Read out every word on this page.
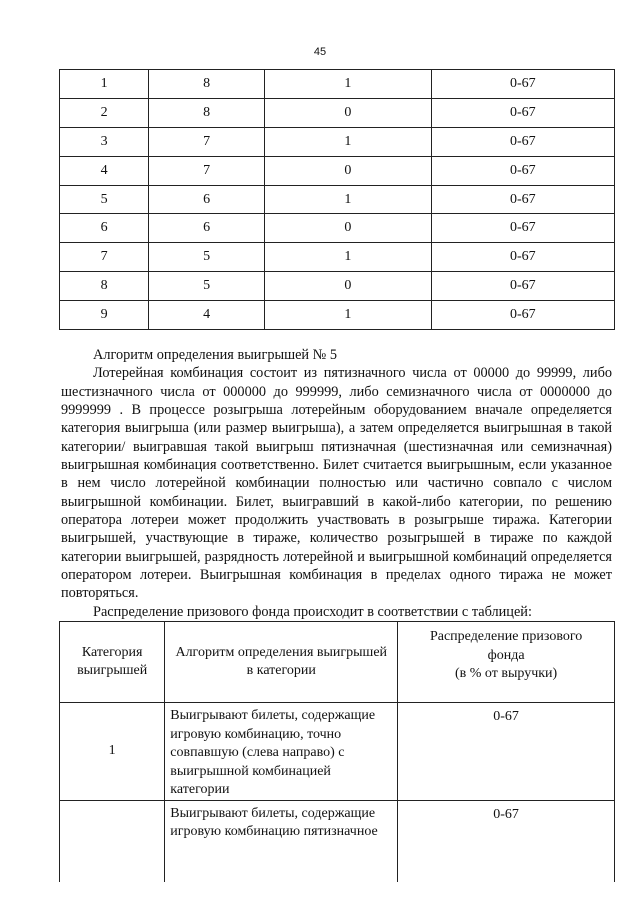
45
1	8	1	0-67
2	8	0	0-67
3	7	1	0-67
4	7	0	0-67
5	6	1	0-67
6	6	0	0-67
7	5	1	0-67
8	5	0	0-67
9	4	1	0-67

Алгоритм определения выигрышей № 5

Лотерейная комбинация состоит из пятизначного числа от 00000 до 99999, либо шестизначного числа от 000000 до 999999, либо семизначного числа от 0000000 до 9999999 . В процессе розыгрыша лотерейным оборудованием вначале определяется категория выигрыша (или размер выигрыша), а затем определяется выигрышная в такой категории/ выигравшая такой выигрыш пятизначная (шестизначная или семизначная) выигрышная комбинация соответственно. Билет считается выигрышным, если указанное в нем число лотерейной комбинации полностью или частично совпало с числом выигрышной комбинации. Билет, выигравший в какой-либо категории, по решению оператора лотереи может продолжить участвовать в розыгрыше тиража. Категории выигрышей, участвующие в тираже, количество розыгрышей в тираже по каждой категории выигрышей, разрядность лотерейной и выигрышной комбинаций определяется оператором лотереи. Выигрышная комбинация в пределах одного тиража не может повторяться.

Распределение призового фонда происходит в соответствии с таблицей:

Категория выигрышей	Алгоритм определения выигрышей в категории	Распределение призового фонда
(в % от выручки)

1	Выигрывают билеты, содержащие игровую комбинацию, точно совпавшую (слева направо) с выигрышной комбинацией категории	0-67
	Выигрывают билеты, содержащие игровую комбинацию пятизначное	0-67
